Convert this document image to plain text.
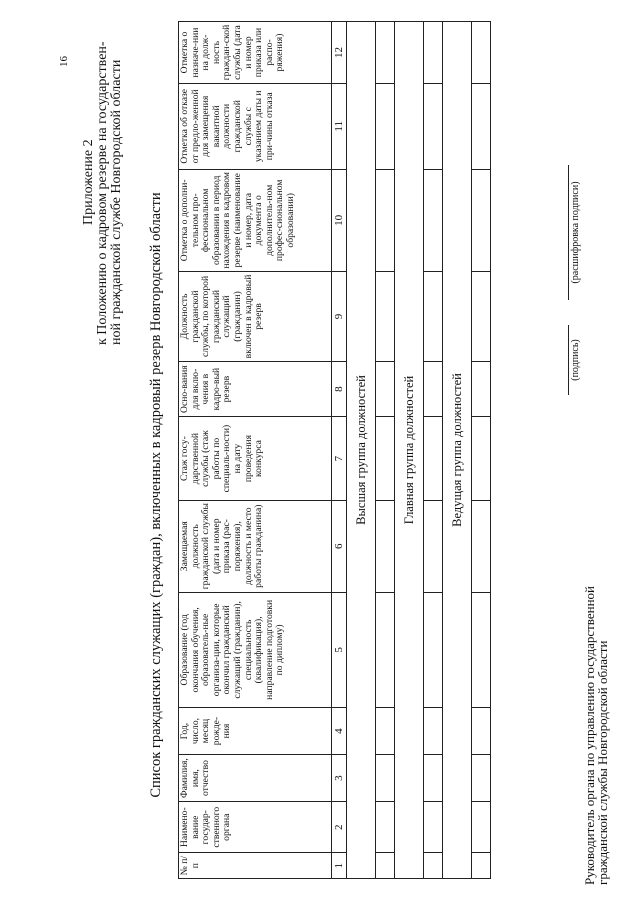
16
Приложение 2 к Положению о кадровом резерве на государствен- ной гражданской службе Новгородской области Список гражданских служащих (граждан), включенных в кадровый резерв Новгородской области
№ п/п	Наимено-вание государ-ственного органа	Фамилия, имя, отчество	Год, число, месяц рожде-ния	Образование (год окончания обучения, образователь-ные организа-ции, которые окончил гражданский служащий (гражданин), специальность (квалификация), направление подготовки по диплому)	Замещаемая должность гражданской службы (дата и номер приказа (рас-поряжения), должность и место работы гражданина)	Стаж госу-дарственной службы (стаж работы по специаль-ности) на дату проведения конкурса	Осно-вания для вклю-чения в кадро-вый резерв	Должность гражданской службы, по которой гражданский служащий (гражданин) включен в кадровый резерв	Отметка о дополни-тельном про-фессиональном образовании в период нахождения в кадровом резерве (наименование и номер, дата документа о дополнитель-ном профес-сиональном образовании)	Отметка об отказе от предло-женной для замещения вакантной должности гражданской службы с указанием даты и при-чины отказа	Отметка о назначе-нии на долж-ность граждан-ской службы (дата и номер приказа или распо-ряжения)
1	2	3	4	5	6	7	8	9	10	11	12
Высшая группа должностей											

Главная группа должностей											

Ведущая группа должностей											

Руководитель органа по управлению государственной
гражданской службы Новгородской области
(подпись)
(расшифровка подписи)
